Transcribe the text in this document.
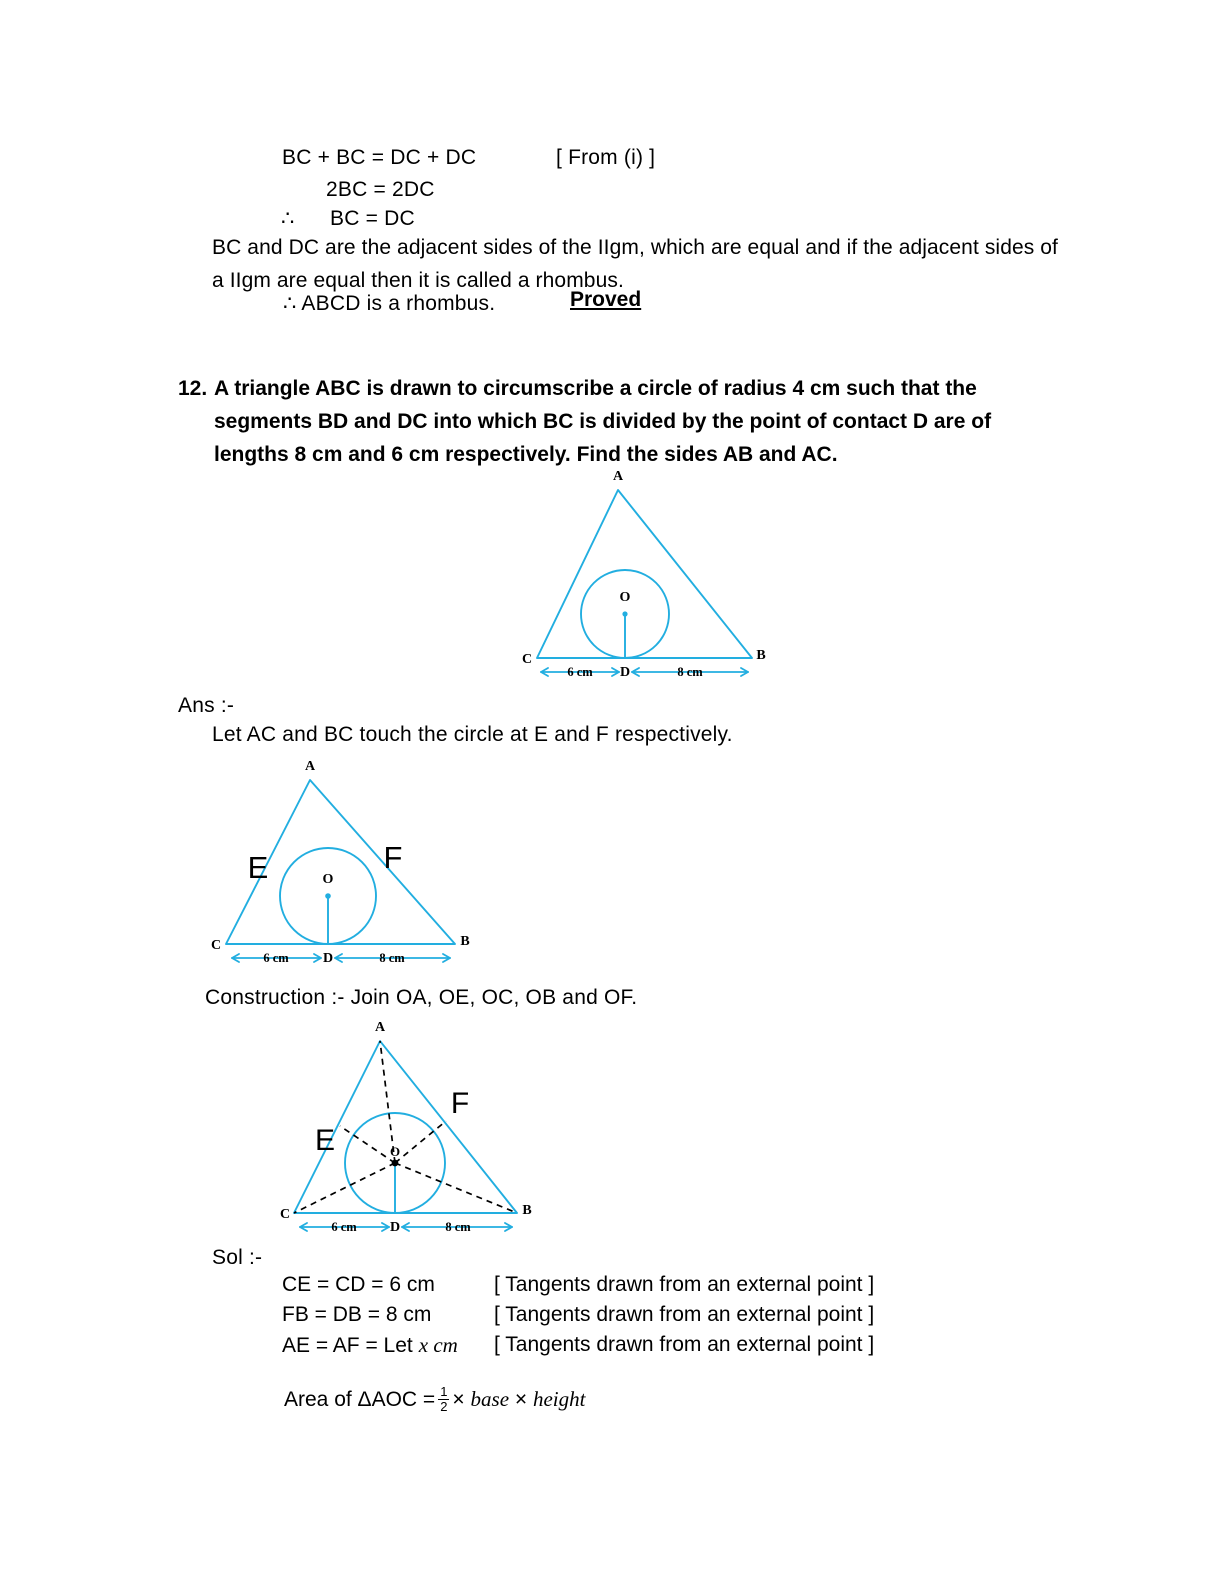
BC + BC = DC + DC	[ From (i) ]
2BC = 2DC
∴ BC = DC
BC and DC are the adjacent sides of the IIgm, which are equal and if the adjacent sides of a IIgm are equal then it is called a rhombus.
∴ ABCD is a rhombus.	Proved
12. A triangle ABC is drawn to circumscribe a circle of radius 4 cm such that the segments BD and DC into which BC is divided by the point of contact D are of lengths 8 cm and 6 cm respectively. Find the sides AB and AC.
A
C	B
D
O
6 cm	8 cm
Ans :-
Let AC and BC touch the circle at E and F respectively.
A
C	B
D
O
6 cm	8 cm
E	F
Construction :- Join OA, OE, OC, OB and OF.
A
C	B
D
O
6 cm	8 cm
E
F
Sol :-
CE = CD = 6 cm	[ Tangents drawn from an external point ]
FB = DB = 8 cm	[ Tangents drawn from an external point ]
AE = AF = Let x cm [ Tangents drawn from an external point ]
Area of $\Delta AOC = \frac{1}{2}$ × base × height
